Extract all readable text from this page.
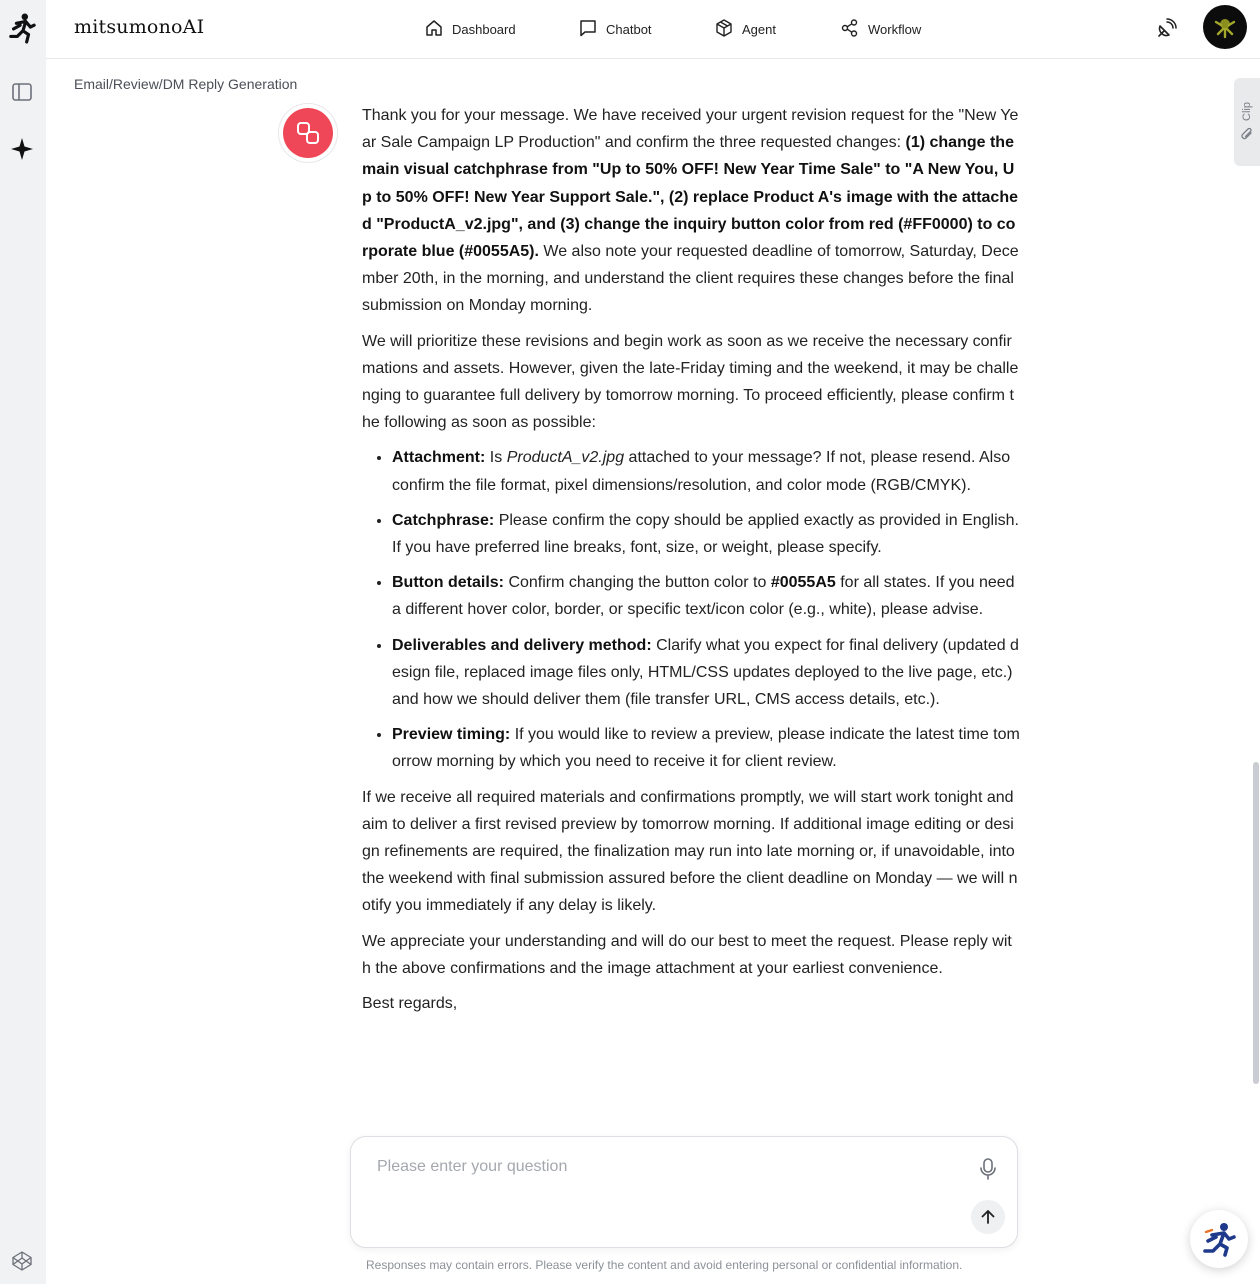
mitsumonoAI	Dashboard	Chatbot	Agent	Workflow
Email/Review/DM Reply Generation
Clip

Thank you for your message. We have received your urgent revision request for the "New Year Sale Campaign LP Production" and confirm the three requested changes: (1) change the main visual catchphrase from "Up to 50% OFF! New Year Time Sale" to "A New You, Up to 50% OFF! New Year Support Sale.", (2) replace Product A's image with the attached "ProductA_v2.jpg", and (3) change the inquiry button color from red (#FF0000) to corporate blue (#0055A5). We also note your requested deadline of tomorrow, Saturday, December 20th, in the morning, and understand the client requires these changes before the final submission on Monday morning.

We will prioritize these revisions and begin work as soon as we receive the necessary confirmations and assets. However, given the late-Friday timing and the weekend, it may be challenging to guarantee full delivery by tomorrow morning. To proceed efficiently, please confirm the following as soon as possible:

• Attachment: Is ProductA_v2.jpg attached to your message? If not, please resend. Also confirm the file format, pixel dimensions/resolution, and color mode (RGB/CMYK).
• Catchphrase: Please confirm the copy should be applied exactly as provided in English. If you have preferred line breaks, font, size, or weight, please specify.
• Button details: Confirm changing the button color to #0055A5 for all states. If you need a different hover color, border, or specific text/icon color (e.g., white), please advise.
• Deliverables and delivery method: Clarify what you expect for final delivery (updated design file, replaced image files only, HTML/CSS updates deployed to the live page, etc.) and how we should deliver them (file transfer URL, CMS access details, etc.).
• Preview timing: If you would like to review a preview, please indicate the latest time tomorrow morning by which you need to receive it for client review.

If we receive all required materials and confirmations promptly, we will start work tonight and aim to deliver a first revised preview by tomorrow morning. If additional image editing or design refinements are required, the finalization may run into late morning or, if unavoidable, into the weekend with final submission assured before the client deadline on Monday — we will notify you immediately if any delay is likely.

We appreciate your understanding and will do our best to meet the request. Please reply with the above confirmations and the image attachment at your earliest convenience.

Best regards,

Please enter your question
Responses may contain errors. Please verify the content and avoid entering personal or confidential information.
